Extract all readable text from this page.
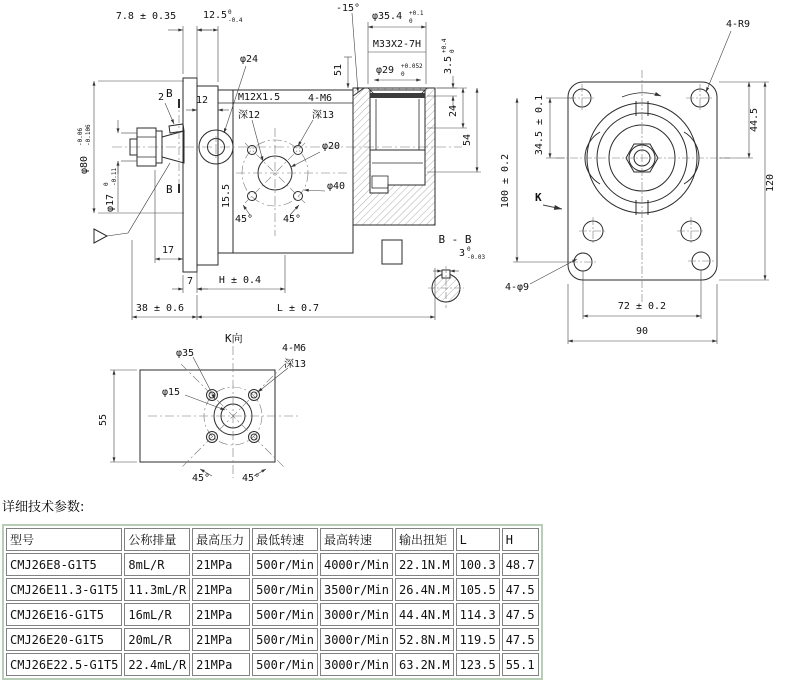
7.8 ± 0.35	12.5 0
-0.4
φ24
B
B
2	12	M12X1.5
深12
4-M6
深13
φ20
φ40
45°	45°
15.5
51
-15°
φ35.4 +0.1
0
M33X2-7H
φ29 +0.052
0
3.5
+0.4 0
24
54
φ80
-0.06 -0.106
φ17
0 -0.11
17
7	H ± 0.4
38 ± 0.6	L ± 0.7
B - B
3 0
-0.03
4-R9
44.5
120
34.5 ± 0.1
100 ± 0.2 K
4-φ9
72 ± 0.2
90
K向
φ35	4-M6
深13
φ15
55
45°	45°

详细技术参数:

型号	公称排量	最高压力	最低转速	最高转速	输出扭矩	L	H
CMJ26E8-G1T5	8mL/R	21MPa	500r/Min	4000r/Min	22.1N.M	100.3	48.7
CMJ26E11.3-G1T5	11.3mL/R	21MPa	500r/Min	3500r/Min	26.4N.M	105.5	47.5
CMJ26E16-G1T5	16mL/R	21MPa	500r/Min	3000r/Min	44.4N.M	114.3	47.5
CMJ26E20-G1T5	20mL/R	21MPa	500r/Min	3000r/Min	52.8N.M	119.5	47.5
CMJ26E22.5-G1T5	22.4mL/R	21MPa	500r/Min	3000r/Min	63.2N.M	123.5	55.1
